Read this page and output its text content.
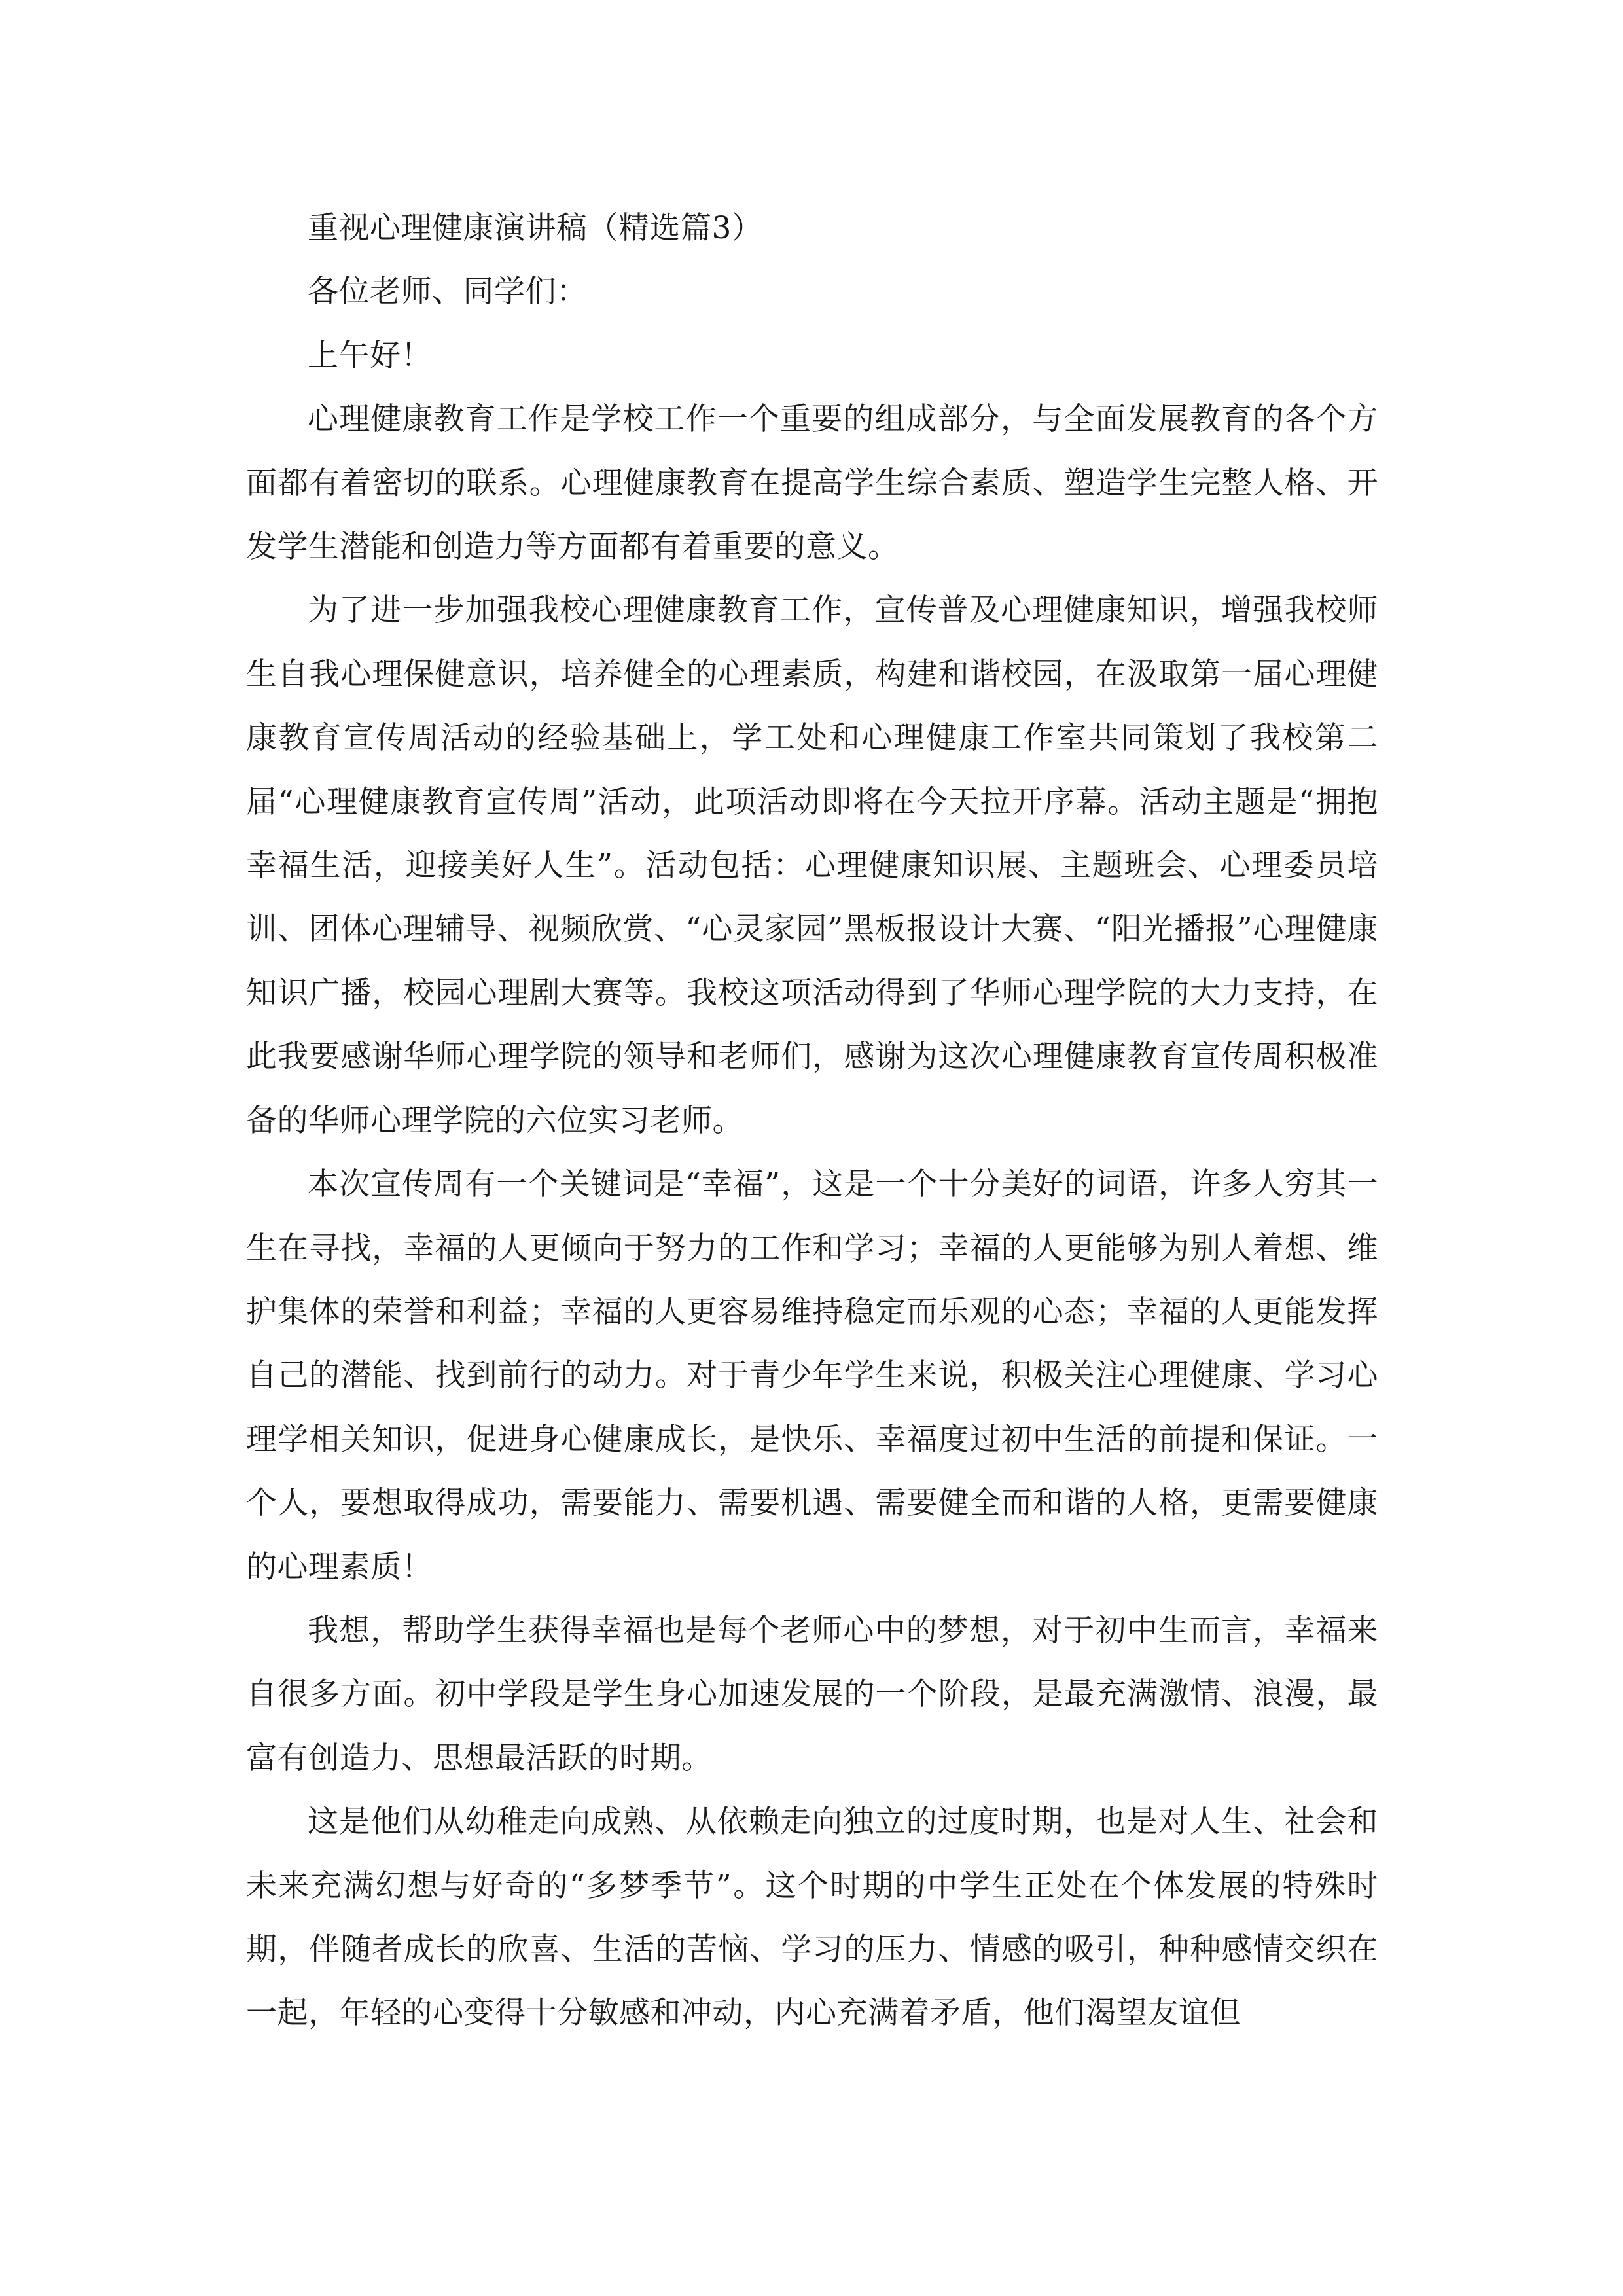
重视心理健康演讲稿（精选篇3）

各位老师、同学们：

上午好！

心理健康教育工作是学校工作一个重要的组成部分，与全面发展教育的各个方面都有着密切的联系。心理健康教育在提高学生综合素质、塑造学生完整人格、开发学生潜能和创造力等方面都有着重要的意义。

为了进一步加强我校心理健康教育工作，宣传普及心理健康知识，增强我校师生自我心理保健意识，培养健全的心理素质，构建和谐校园，在汲取第一届心理健康教育宣传周活动的经验基础上，学工处和心理健康工作室共同策划了我校第二届“心理健康教育宣传周”活动，此项活动即将在今天拉开序幕。活动主题是“拥抱幸福生活，迎接美好人生”。活动包括：心理健康知识展、主题班会、心理委员培训、团体心理辅导、视频欣赏、“心灵家园”黑板报设计大赛、“阳光播报”心理健康知识广播，校园心理剧大赛等。我校这项活动得到了华师心理学院的大力支持，在此我要感谢华师心理学院的领导和老师们，感谢为这次心理健康教育宣传周积极准备的华师心理学院的六位实习老师。

本次宣传周有一个关键词是“幸福”，这是一个十分美好的词语，许多人穷其一生在寻找，幸福的人更倾向于努力的工作和学习；幸福的人更能够为别人着想、维护集体的荣誉和利益；幸福的人更容易维持稳定而乐观的心态；幸福的人更能发挥自己的潜能、找到前行的动力。对于青少年学生来说，积极关注心理健康、学习心理学相关知识，促进身心健康成长，是快乐、幸福度过初中生活的前提和保证。一个人，要想取得成功，需要能力、需要机遇、需要健全而和谐的人格，更需要健康的心理素质！

我想，帮助学生获得幸福也是每个老师心中的梦想，对于初中生而言，幸福来自很多方面。初中学段是学生身心加速发展的一个阶段，是最充满激情、浪漫，最富有创造力、思想最活跃的时期。

这是他们从幼稚走向成熟、从依赖走向独立的过度时期，也是对人生、社会和未来充满幻想与好奇的“多梦季节”。这个时期的中学生正处在个体发展的特殊时期，伴随者成长的欣喜、生活的苦恼、学习的压力、情感的吸引，种种感情交织在一起，年轻的心变得十分敏感和冲动，内心充满着矛盾，他们渴望友谊但
